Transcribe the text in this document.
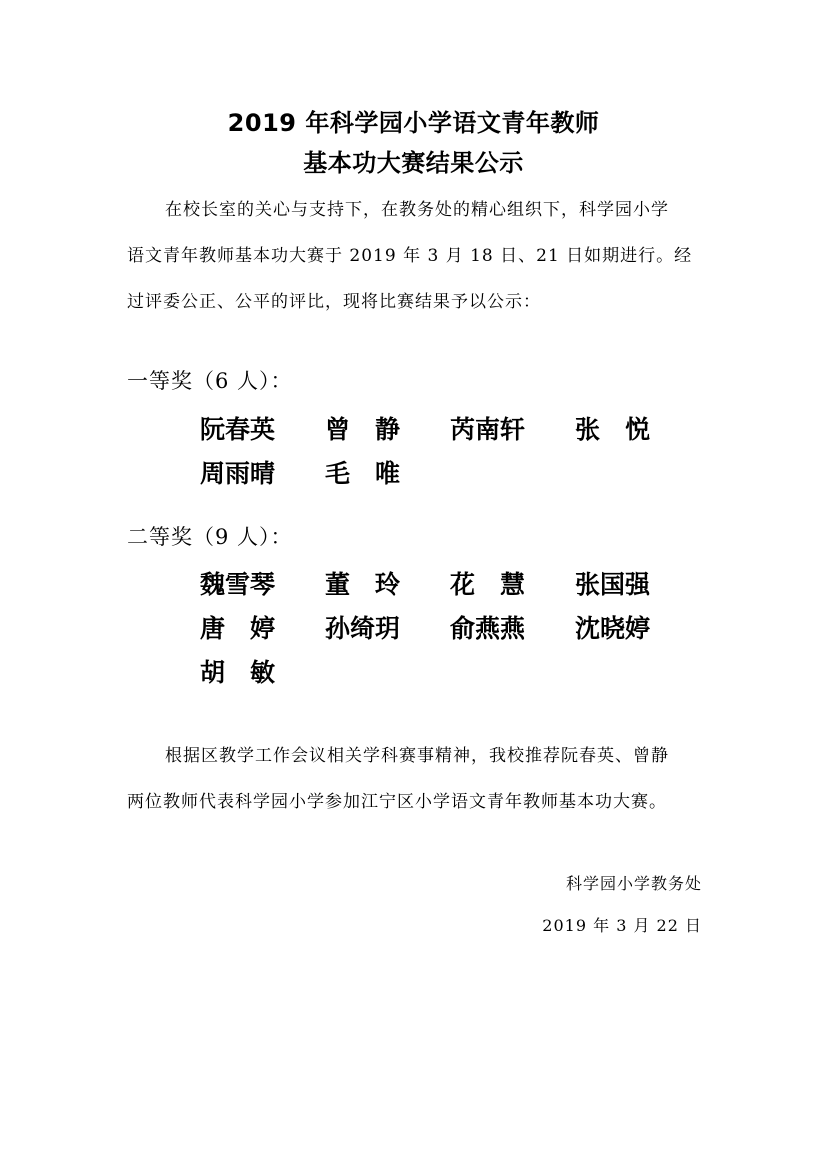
2019 年科学园小学语文青年教师
基本功大赛结果公示
在校长室的关心与支持下，在教务处的精心组织下，科学园小学
语文青年教师基本功大赛于 2019 年 3 月 18 日、21 日如期进行。经
过评委公正、公平的评比，现将比赛结果予以公示：
一等奖（6 人）：
阮春英	曾　静	芮南轩	张　悦
周雨晴	毛　唯
二等奖（9 人）：
魏雪琴	董　玲	花　慧	张国强
唐　婷	孙绮玥	俞燕燕	沈晓婷
胡　敏
根据区教学工作会议相关学科赛事精神，我校推荐阮春英、曾静
两位教师代表科学园小学参加江宁区小学语文青年教师基本功大赛。
科学园小学教务处
2019 年 3 月 22 日
